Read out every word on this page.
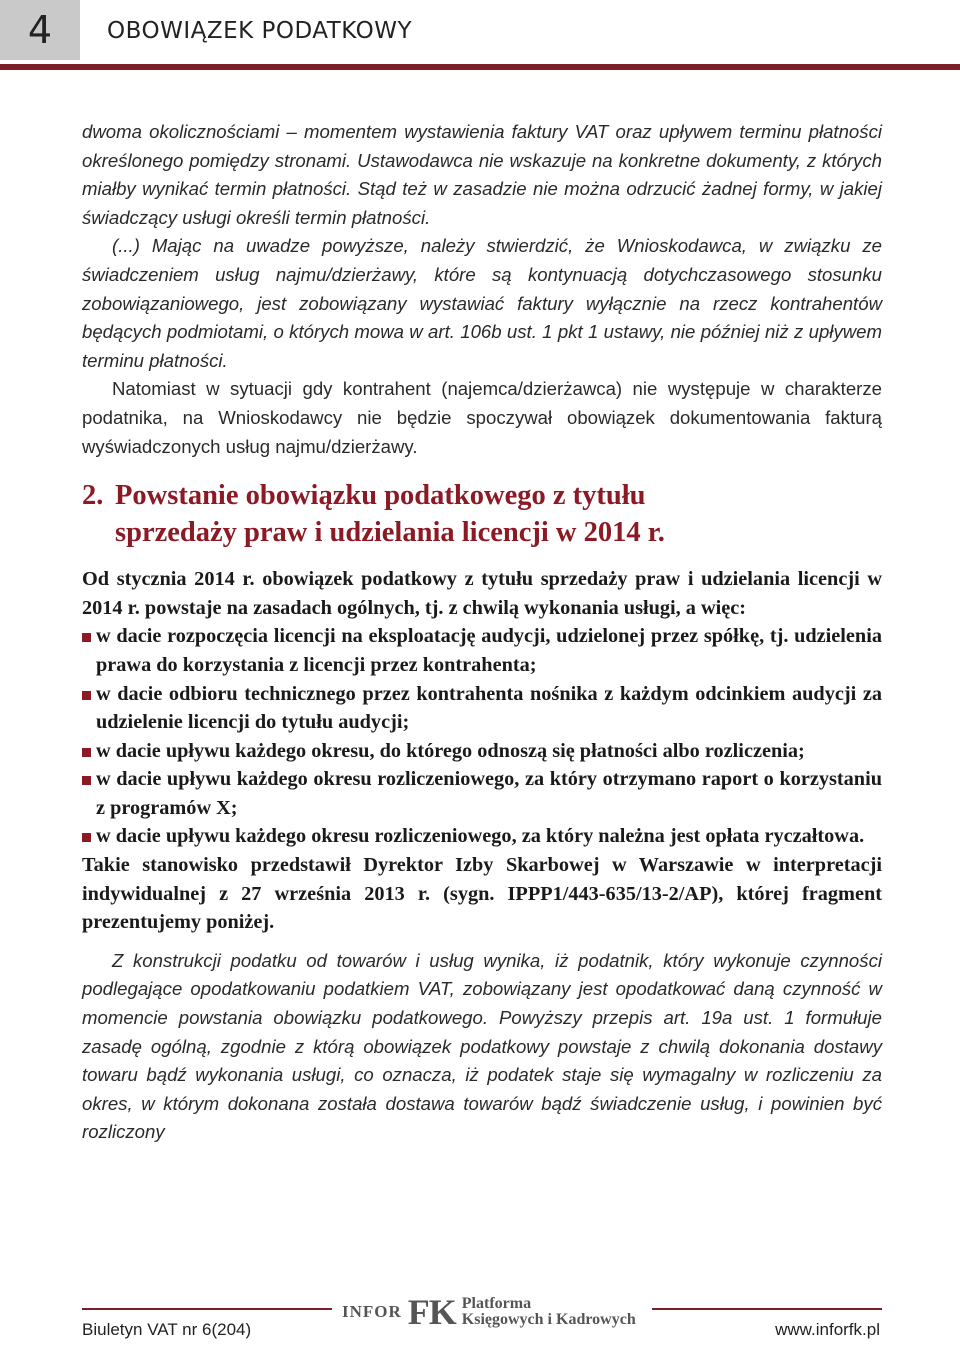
4	OBOWIĄZEK PODATKOWY

dwoma okolicznościami – momentem wystawienia faktury VAT oraz upływem terminu płatności określonego pomiędzy stronami. Ustawodawca nie wskazuje na konkretne dokumenty, z których miałby wynikać termin płatności. Stąd też w zasadzie nie można odrzucić żadnej formy, w jakiej świadczący usługi określi termin płatności.

(...) Mając na uwadze powyższe, należy stwierdzić, że Wnioskodawca, w związku ze świadczeniem usług najmu/dzierżawy, które są kontynuacją dotychczasowego stosunku zobowiązaniowego, jest zobowiązany wystawiać faktury wyłącznie na rzecz kontrahentów będących podmiotami, o których mowa w art. 106b ust. 1 pkt 1 ustawy, nie później niż z upływem terminu płatności.

Natomiast w sytuacji gdy kontrahent (najemca/dzierżawca) nie występuje w charakterze podatnika, na Wnioskodawcy nie będzie spoczywał obowiązek dokumentowania fakturą wyświadczonych usług najmu/dzierżawy.

2. Powstanie obowiązku podatkowego z tytułu
sprzedaży praw i udzielania licencji w 2014 r.

Od stycznia 2014 r. obowiązek podatkowy z tytułu sprzedaży praw i udzielania licencji w 2014 r. powstaje na zasadach ogólnych, tj. z chwilą wykonania usługi, a więc:

w dacie rozpoczęcia licencji na eksploatację audycji, udzielonej przez spółkę, tj. udzielenia prawa do korzystania z licencji przez kontrahenta;
w dacie odbioru technicznego przez kontrahenta nośnika z każdym odcinkiem audycji za udzielenie licencji do tytułu audycji;
w dacie upływu każdego okresu, do którego odnoszą się płatności albo rozliczenia;
w dacie upływu każdego okresu rozliczeniowego, za który otrzymano raport o korzystaniu z programów X;
w dacie upływu każdego okresu rozliczeniowego, za który należna jest opłata ryczałtowa.

Takie stanowisko przedstawił Dyrektor Izby Skarbowej w Warszawie w interpretacji indywidualnej z 27 września 2013 r. (sygn. IPPP1/443-635/13-2/AP), której fragment prezentujemy poniżej.

Z konstrukcji podatku od towarów i usług wynika, iż podatnik, który wykonuje czynności podlegające opodatkowaniu podatkiem VAT, zobowiązany jest opodatkować daną czynność w momencie powstania obowiązku podatkowego. Powyższy przepis art. 19a ust. 1 formułuje zasadę ogólną, zgodnie z którą obowiązek podatkowy powstaje z chwilą dokonania dostawy towaru bądź wykonania usługi, co oznacza, iż podatek staje się wymagalny w rozliczeniu za okres, w którym dokonana została dostawa towarów bądź świadczenie usług, i powinien być rozliczony

INFOR FK Platforma
Księgowych i Kadrowych
Biuletyn VAT nr 6(204)	www.inforfk.pl
